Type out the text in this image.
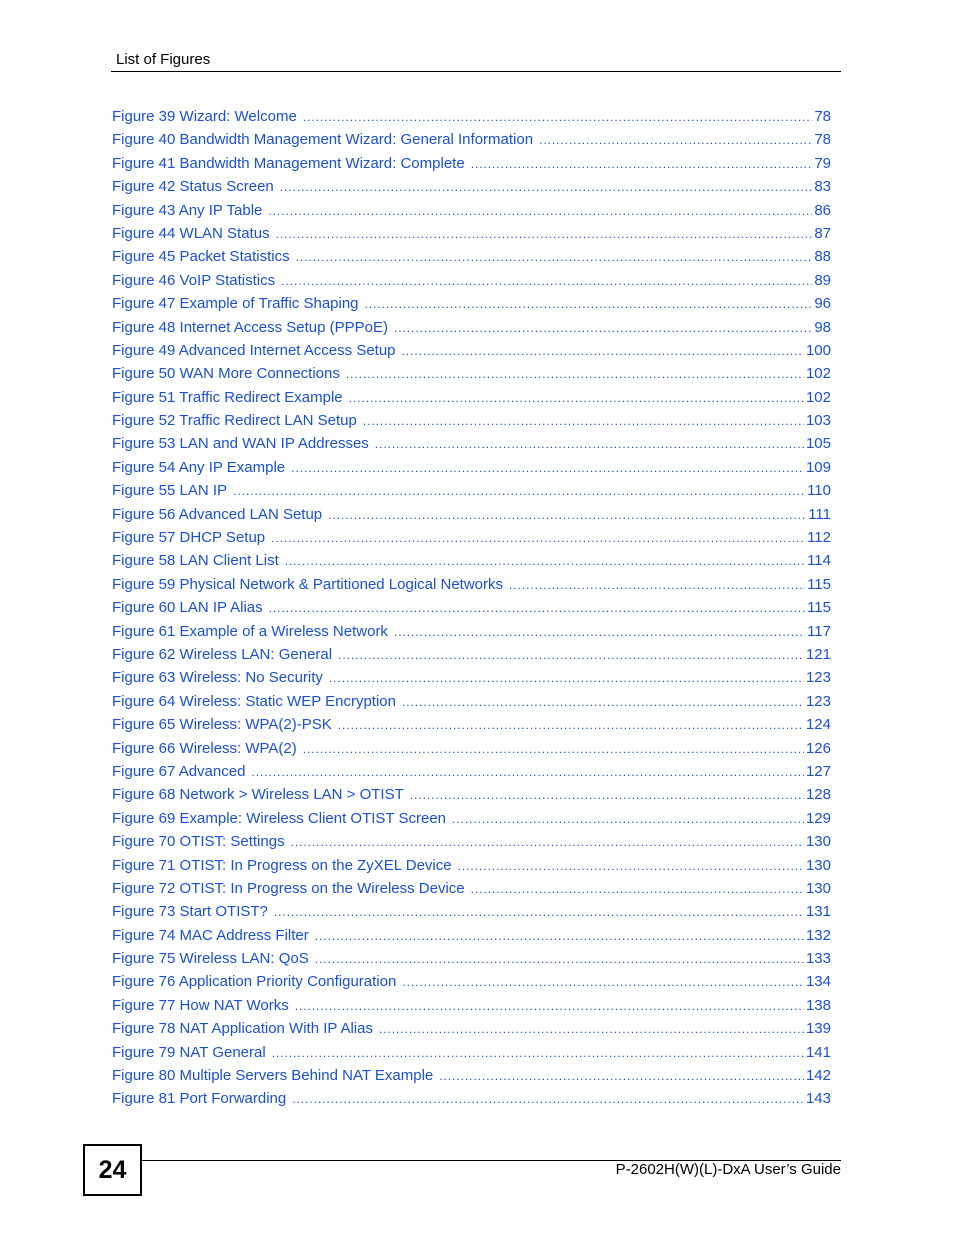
List of Figures
Figure 39 Wizard: Welcome . . .	78
Figure 40 Bandwidth Management Wizard: General Information . . .	78
Figure 41 Bandwidth Management Wizard: Complete . . .	79
Figure 42 Status Screen . . .	83
Figure 43 Any IP Table . . .	86
Figure 44 WLAN Status . . .	87
Figure 45 Packet Statistics . . .	88
Figure 46 VoIP Statistics . . .	89
Figure 47 Example of Traffic Shaping . . .	96
Figure 48 Internet Access Setup (PPPoE) . . .	98
Figure 49 Advanced Internet Access Setup . . .	100
Figure 50 WAN More Connections . . .	102
Figure 51 Traffic Redirect Example . . .	102
Figure 52 Traffic Redirect LAN Setup . . .	103
Figure 53 LAN and WAN IP Addresses . . .	105
Figure 54 Any IP Example . . .	109
Figure 55 LAN IP . . .	110
Figure 56 Advanced LAN Setup . . .	111
Figure 57 DHCP Setup . . .	112
Figure 58 LAN Client List . . .	114
Figure 59 Physical Network & Partitioned Logical Networks . . .	115
Figure 60 LAN IP Alias . . .	115
Figure 61 Example of a Wireless Network . . .	117
Figure 62 Wireless LAN: General . . .	121
Figure 63 Wireless: No Security . . .	123
Figure 64 Wireless: Static WEP Encryption . . .	123
Figure 65 Wireless: WPA(2)-PSK . . .	124
Figure 66 Wireless: WPA(2) . . .	126
Figure 67 Advanced . . .	127
Figure 68 Network > Wireless LAN > OTIST . . .	128
Figure 69 Example: Wireless Client OTIST Screen . . .	129
Figure 70 OTIST: Settings . . .	130
Figure 71 OTIST: In Progress on the ZyXEL Device . . .	130
Figure 72 OTIST: In Progress on the Wireless Device . . .	130
Figure 73 Start OTIST? . . .	131
Figure 74 MAC Address Filter . . .	132
Figure 75 Wireless LAN: QoS . . .	133
Figure 76 Application Priority Configuration . . .	134
Figure 77 How NAT Works . . .	138
Figure 78 NAT Application With IP Alias . . .	139
Figure 79 NAT General . . .	141
Figure 80 Multiple Servers Behind NAT Example . . .	142
Figure 81 Port Forwarding . . .	143
24	P-2602H(W)(L)-DxA User’s Guide
